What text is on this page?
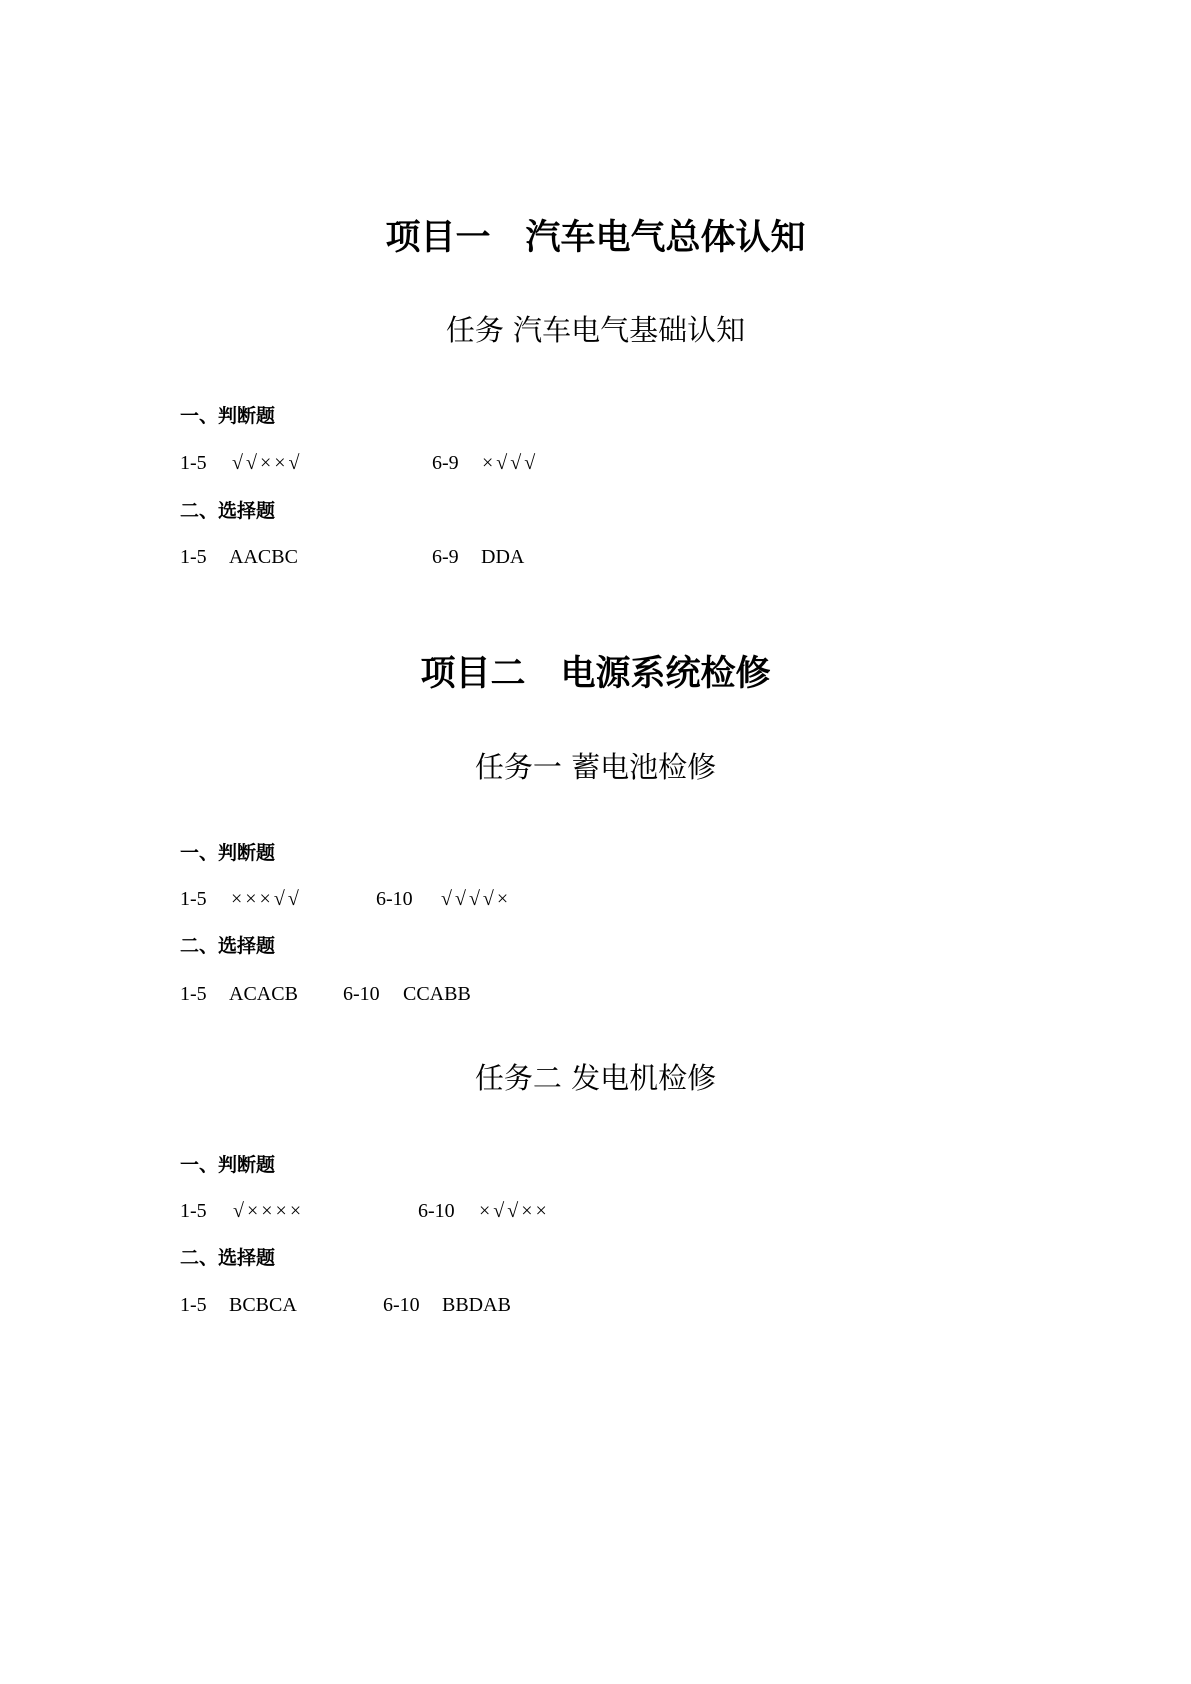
项目一　汽车电气总体认知
任务 汽车电气基础认知
一、判断题
1-5 √√××√	6-9 ×√√√
二、选择题
1-5 AACBC	6-9 DDA
项目二　电源系统检修
任务一 蓄电池检修
一、判断题
1-5 ×××√√	6-10 √√√√×
二、选择题
1-5 ACACB 6-10 CCABB
任务二 发电机检修
一、判断题
1-5 √××××	6-10 ×√√××
二、选择题
1-5 BCBCA	6-10 BBDAB
